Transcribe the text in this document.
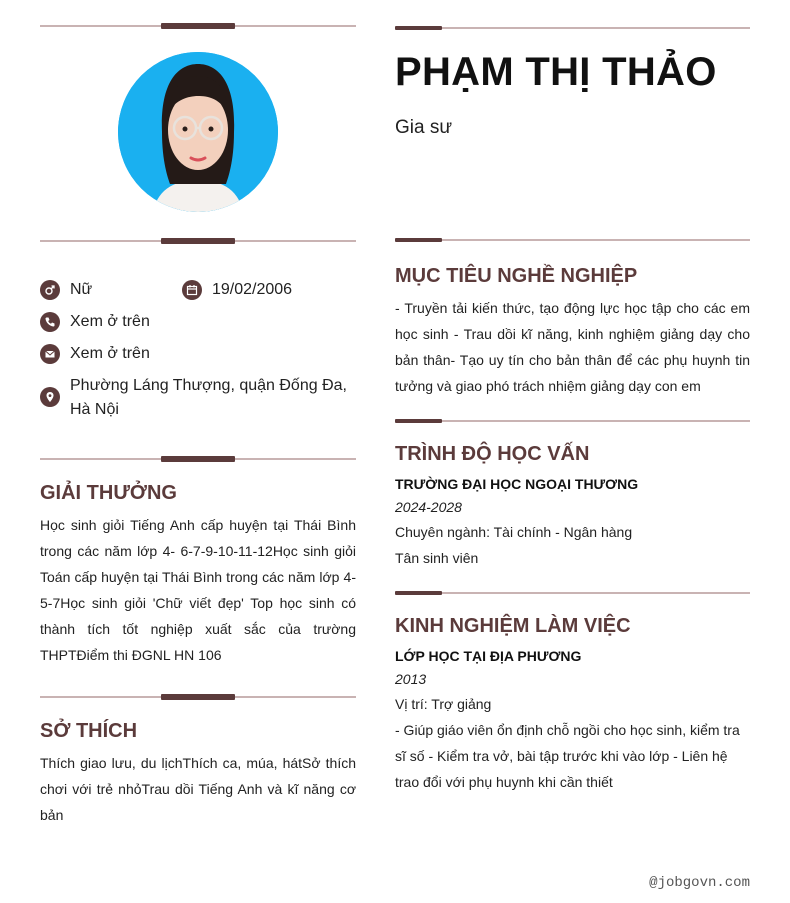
Nữ	19/02/2006
Xem ở trên
Xem ở trên
Phường Láng Thượng, quận Đống Đa, Hà Nội
GIẢI THƯỞNG
Học sinh giỏi Tiếng Anh cấp huyện tại Thái Bình trong các năm lớp 4- 6-7-9-10-11-12Học sinh giỏi Toán cấp huyện tại Thái Bình trong các năm lớp 4-5-7Học sinh giỏi 'Chữ viết đẹp' Top học sinh có thành tích tốt nghiệp xuất sắc của trường THPTĐiểm thi ĐGNL HN 106
SỞ THÍCH
Thích giao lưu, du lịchThích ca, múa, hátSở thích chơi với trẻ nhỏTrau dồi Tiếng Anh và kĩ năng cơ bản
PHẠM THỊ THẢO
Gia sư
MỤC TIÊU NGHỀ NGHIỆP
- Truyền tải kiến thức, tạo động lực học tập cho các em học sinh - Trau dồi kĩ năng, kinh nghiệm giảng dạy cho bản thân- Tạo uy tín cho bản thân để các phụ huynh tin tưởng và giao phó trách nhiệm giảng dạy con em
TRÌNH ĐỘ HỌC VẤN
TRƯỜNG ĐẠI HỌC NGOẠI THƯƠNG
2024-2028
Chuyên ngành: Tài chính - Ngân hàng
Tân sinh viên
KINH NGHIỆM LÀM VIỆC
LỚP HỌC TẠI ĐỊA PHƯƠNG
2013
Vị trí: Trợ giảng
- Giúp giáo viên ổn định chỗ ngồi cho học sinh, kiểm tra sĩ số - Kiểm tra vở, bài tập trước khi vào lớp - Liên hệ trao đổi với phụ huynh khi cần thiết
@jobgovn.com
